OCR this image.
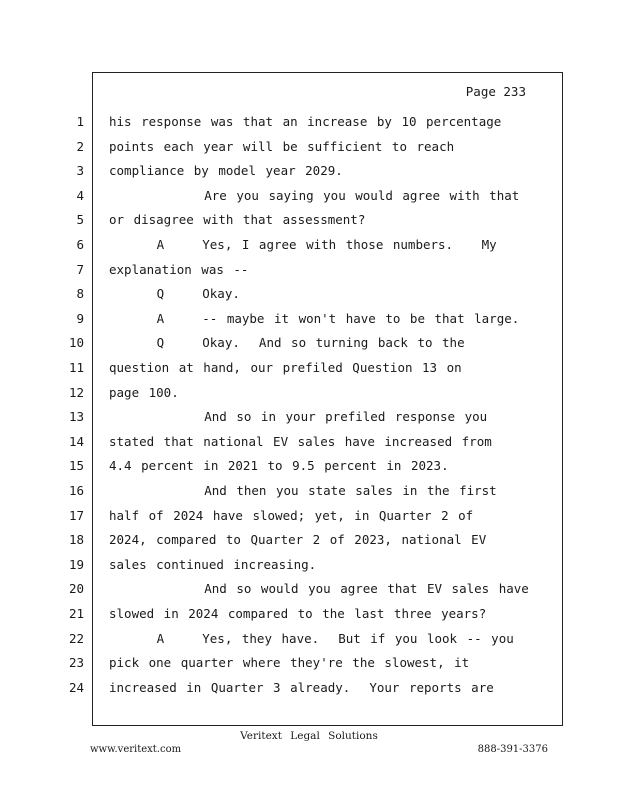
Page 233
1 his response was that an increase by 10 percentage
2 points each year will be sufficient to reach
3 compliance by model year 2029.
4 Are you saying you would agree with that
5 or disagree with that assessment?
6 A    Yes, I agree with those numbers.   My
7 explanation was --
8 Q    Okay.
9 A    -- maybe it won't have to be that large.
10 Q    Okay.  And so turning back to the
11 question at hand, our prefiled Question 13 on
12 page 100.
13 And so in your prefiled response you
14 stated that national EV sales have increased from
15 4.4 percent in 2021 to 9.5 percent in 2023.
16 And then you state sales in the first
17 half of 2024 have slowed; yet, in Quarter 2 of
18 2024, compared to Quarter 2 of 2023, national EV
19 sales continued increasing.
20 And so would you agree that EV sales have
21 slowed in 2024 compared to the last three years?
22 A    Yes, they have.  But if you look -- you
23 pick one quarter where they're the slowest, it
24 increased in Quarter 3 already.  Your reports are
Veritext Legal Solutions
www.veritext.com	888-391-3376
